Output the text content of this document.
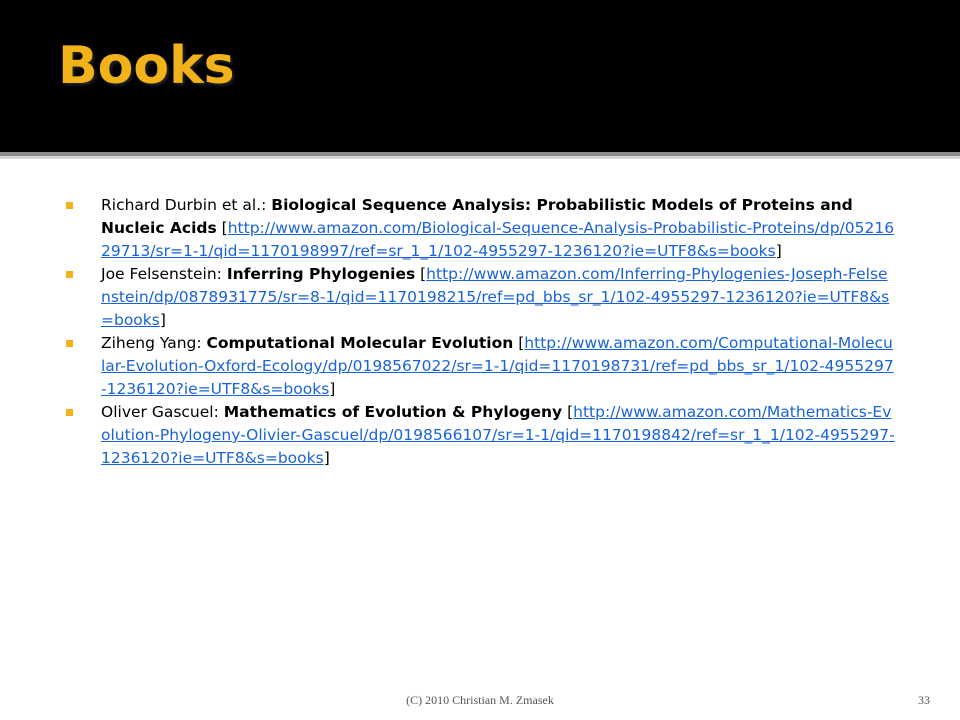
Books
Richard Durbin et al.: Biological Sequence Analysis: Probabilistic Models of Proteins and Nucleic Acids [http://www.amazon.com/Biological-Sequence-Analysis-Probabilistic-Proteins/dp/0521629713/sr=1-1/qid=1170198997/ref=sr_1_1/102-4955297-1236120?ie=UTF8&s=books]
Joe Felsenstein: Inferring Phylogenies [http://www.amazon.com/Inferring-Phylogenies-Joseph-Felsenstein/dp/0878931775/sr=8-1/qid=1170198215/ref=pd_bbs_sr_1/102-4955297-1236120?ie=UTF8&s=books]
Ziheng Yang: Computational Molecular Evolution [http://www.amazon.com/Computational-Molecular-Evolution-Oxford-Ecology/dp/0198567022/sr=1-1/qid=1170198731/ref=pd_bbs_sr_1/102-4955297-1236120?ie=UTF8&s=books]
Oliver Gascuel: Mathematics of Evolution & Phylogeny [http://www.amazon.com/Mathematics-Evolution-Phylogeny-Olivier-Gascuel/dp/0198566107/sr=1-1/qid=1170198842/ref=sr_1_1/102-4955297-1236120?ie=UTF8&s=books]
(C) 2010 Christian M. Zmasek	33
